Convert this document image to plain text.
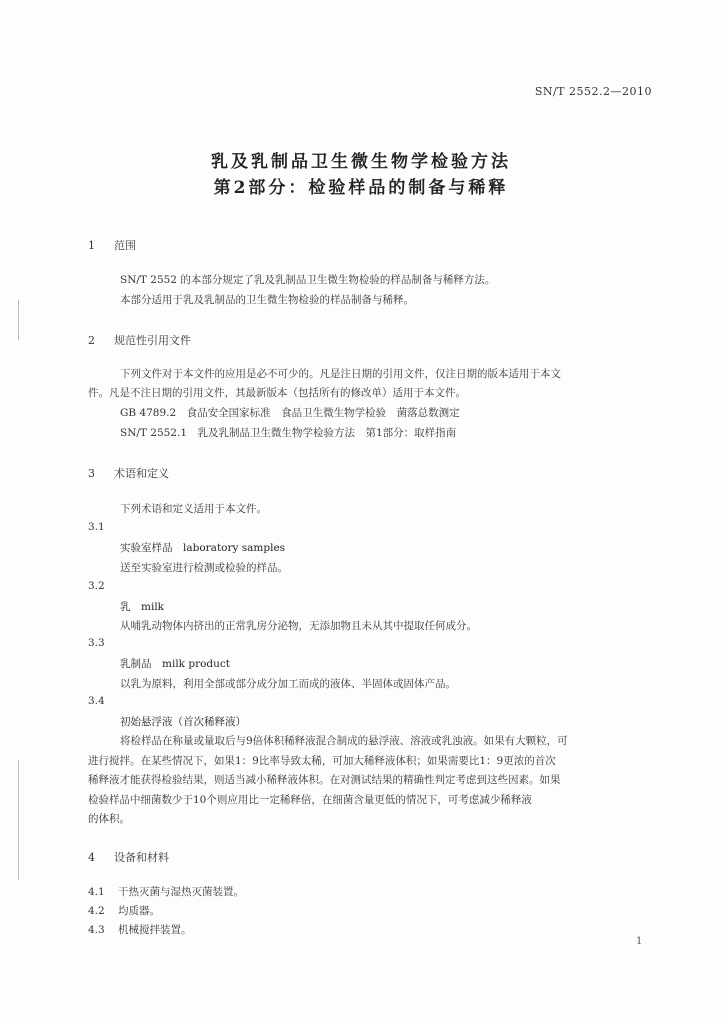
SN/T 2552.2—2010
乳及乳制品卫生微生物学检验方法
第2部分：检验样品的制备与稀释
1 范围
SN/T 2552 的本部分规定了乳及乳制品卫生微生物检验的样品制备与稀释方法。
本部分适用于乳及乳制品的卫生微生物检验的样品制备与稀释。
2 规范性引用文件
下列文件对于本文件的应用是必不可少的。凡是注日期的引用文件，仅注日期的版本适用于本文
件。凡是不注日期的引用文件，其最新版本（包括所有的修改单）适用于本文件。
GB 4789.2　食品安全国家标准　食品卫生微生物学检验　菌落总数测定
SN/T 2552.1　乳及乳制品卫生微生物学检验方法　第1部分：取样指南
3 术语和定义
下列术语和定义适用于本文件。
3.1
实验室样品　laboratory samples
送至实验室进行检测或检验的样品。
3.2
乳　milk
从哺乳动物体内挤出的正常乳房分泌物，无添加物且未从其中提取任何成分。
3.3
乳制品　milk product
以乳为原料，利用全部或部分成分加工而成的液体、半固体或固体产品。
3.4
初始悬浮液（首次稀释液）
将检样品在称量或量取后与9倍体积稀释液混合制成的悬浮液、溶液或乳浊液。如果有大颗粒，可
进行搅拌。在某些情况下，如果1：9比率导致太稀，可加大稀释液体积；如果需要比1：9更浓的首次
稀释液才能获得检验结果，则适当减小稀释液体积。在对测试结果的精确性判定考虑到这些因素。如果
检验样品中细菌数少于10个则应用比一定稀释倍，在细菌含量更低的情况下，可考虑减少稀释液
的体积。
4 设备和材料
4.1 干热灭菌与湿热灭菌装置。
4.2 均质器。
4.3 机械搅拌装置。
1
